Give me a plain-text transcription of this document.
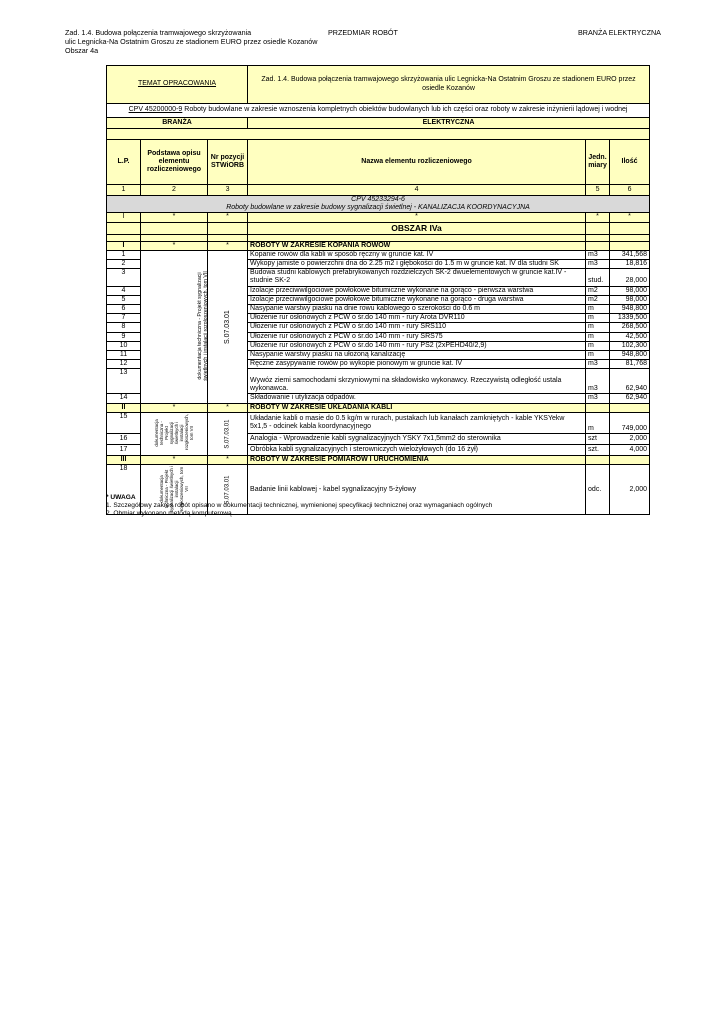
Zad. 1.4. Budowa połączenia tramwajowego skrzyżowania
ulic Legnicka-Na Ostatnim Groszu ze stadionem EURO przez osiedle Kozanów
Obszar 4a
PRZEDMIAR ROBÓT	BRANŻA ELEKTRYCZNA
TEMAT OPRACOWANIA			Zad. 1.4. Budowa połączenia tramwajowego skrzyżowania ulic Legnicka-Na Ostatnim Groszu ze stadionem EURO przez osiedle Kozanów		
CPV 45200000-9 Roboty budowlane w zakresie wznoszenia kompletnych obiektów budowlanych lub ich części oraz roboty w zakresie inżynierii lądowej i wodnej					
BRANŻA			ELEKTRYCZNA		

L.P.	Podstawa opisu elementu rozliczeniowego	Nr pozycji STWiORB	Nazwa elementu rozliczeniowego	Jedn. miary	Ilość
1	2	3	4	5	6

CPV 45233294-6
Roboty budowlane w zakresie budowy sygnalizacji świetlnej - KANALIZACJA KOORDYNACYJNA					

I	*	*	*	*	*
			OBSZAR IVa		

I	*	*	ROBOTY W ZAKRESIE KOPANIA ROWÓW		
1	dokumentacja techniczna - Projekt sygnalizacji świetlnych i instalacji rozgłoszeniowych, tom VII	S.07.03.01	Kopanie rowów dla kabli w sposób ręczny w gruncie kat. IV	m3	341,568
2			Wykopy jamiste o powierzchni dna do 2.25 m2 i głębokości do 1.5 m w gruncie kat. IV dla studni SK	m3	18,816
3			Budowa studni kablowych prefabrykowanych rozdzielczych SK-2 dwuelementowych w gruncie kat.IV - studnie SK-2	stud.	28,000
4			Izolacje przeciwwilgociowe powłokowe bitumiczne wykonane na gorąco - pierwsza warstwa	m2	98,000
5			Izolacje przeciwwilgociowe powłokowe bitumiczne wykonane na gorąco - druga warstwa	m2	98,000
6			Nasypanie warstwy piasku na dnie rowu kablowego o szerokości do 0.6 m	m	948,800
7			Ułożenie rur osłonowych z PCW o śr.do 140 mm - rury Arota DVR110	m	1339,500
8			Ułożenie rur osłonowych z PCW o śr.do 140 mm - rury SRS110	m	268,500
9			Ułożenie rur osłonowych z PCW o śr.do 140 mm - rury SRS75	m	42,500
10			Ułożenie rur osłonowych z PCW o śr.do 140 mm - rury PS2 (2xPEHD40/2,9)	m	102,300
11			Nasypanie warstwy piasku na ułożoną kanalizację	m	948,800
12			Ręczne zasypywanie rowów po wykopie pionowym w gruncie kat. IV	m3	81,768
13			Wywóz ziemi samochodami skrzyniowymi na składowisko wykonawcy. Rzeczywistą odległość ustala wykonawca.	m3	62,940
14			Składowanie i utylizacja odpadów.	m3	62,940
II	*	*	ROBOTY W ZAKRESIE UKŁADANIA KABLI		
15	dokumentacja techniczna - Projekt sygnalizacji świetlnych i instalacji rozgłoszeniowych, tom VII	S.07.03.01	Układanie kabli o masie do 0.5 kg/m w rurach, pustakach lub kanałach zamkniętych - kable YKSYekw 5x1,5 - odcinek kabla koordynacyjnego	m	749,000
16			Analogia - Wprowadzenie kabli sygnalizacyjnych YSKY 7x1,5mm2 do sterownika	szt	2,000
17			Obróbka kabli sygnalizacyjnych i sterowniczych wielożyłowych (do 16 żył)	szt.	4,000
III	*	*	ROBOTY W ZAKRESIE POMIARÓW I URUCHOMIENIA		
18	dokumentacja techniczna - Projekt sygnalizacji świetlnych i instalacji rozgłoszeniowych, tom VII	S.07.03.01	Badanie linii kablowej - kabel sygnalizacyjny 5-żyłowy	odc.	2,000
* UWAGA
1. Szczegółowy zakres robót opisano w dokumentacji technicznej, wymienionej specyfikacji technicznej oraz wymaganiach ogólnych
2. Obmiar wykonano metodą komputerową
